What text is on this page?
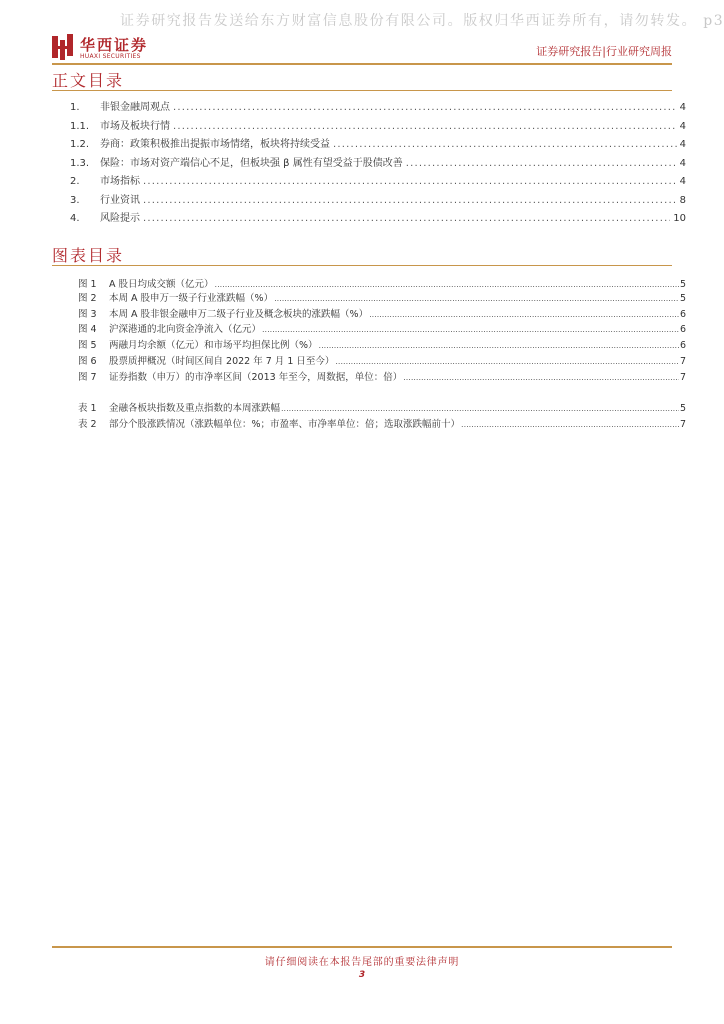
证券研究报告发送给东方财富信息股份有限公司。版权归华西证券所有，请勿转发。 p3
华西证券
HUAXI SECURITIES	证券研究报告|行业研究周报
正文目录
1.	非银金融周观点 .....	4
1.1.	市场及板块行情 .....	4
1.2.	券商：政策积极推出提振市场情绪，板块将持续受益 .....	4
1.3.	保险：市场对资产端信心不足，但板块强 β 属性有望受益于股债改善 .....	4
2.	市场指标 .....	4
3.	行业资讯 .....	8
4.	风险提示 .....	10
图表目录
图 1	A 股日均成交额（亿元） .....	5
图 2	本周 A 股申万一级子行业涨跌幅（%） .....	5
图 3	本周 A 股非银金融申万二级子行业及概念板块的涨跌幅（%） .....	6
图 4	沪深港通的北向资金净流入（亿元） .....	6
图 5	两融月均余额（亿元）和市场平均担保比例（%） .....	6
图 6	股票质押概况（时间区间自 2022 年 7 月 1 日至今） .....	7
图 7	证券指数（申万）的市净率区间（2013 年至今，周数据，单位：倍） .....	7
表 1	金融各板块指数及重点指数的本周涨跌幅 .....	5
表 2	部分个股涨跌情况（涨跌幅单位：%；市盈率、市净率单位：倍；选取涨跌幅前十） .....	7
请仔细阅读在本报告尾部的重要法律声明
3
